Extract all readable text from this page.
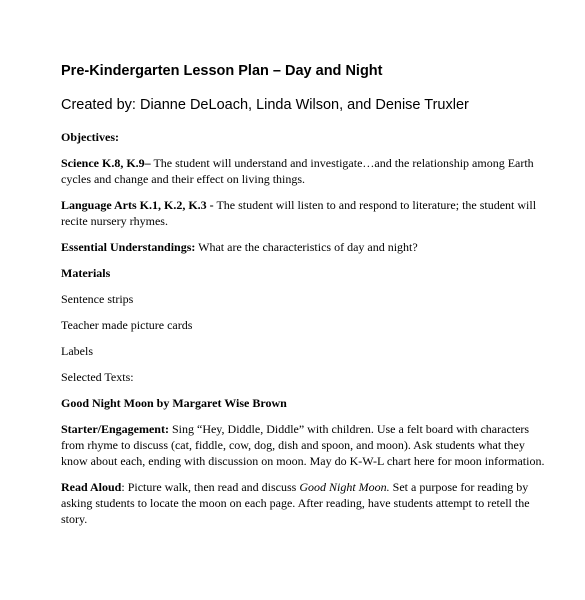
Pre-Kindergarten Lesson Plan – Day and Night

Created by: Dianne DeLoach, Linda Wilson, and Denise Truxler

Objectives:

Science K.8, K.9– The student will understand and investigate…and the relationship among Earth cycles and change and their effect on living things.

Language Arts K.1, K.2, K.3 - The student will listen to and respond to literature; the student will recite nursery rhymes.

Essential Understandings: What are the characteristics of day and night?

Materials

Sentence strips

Teacher made picture cards

Labels

Selected Texts:

Good Night Moon by Margaret Wise Brown

Starter/Engagement: Sing “Hey, Diddle, Diddle” with children. Use a felt board with characters from rhyme to discuss (cat, fiddle, cow, dog, dish and spoon, and moon). Ask students what they know about each, ending with discussion on moon. May do K-W-L chart here for moon information.

Read Aloud: Picture walk, then read and discuss Good Night Moon. Set a purpose for reading by asking students to locate the moon on each page. After reading, have students attempt to retell the story.
